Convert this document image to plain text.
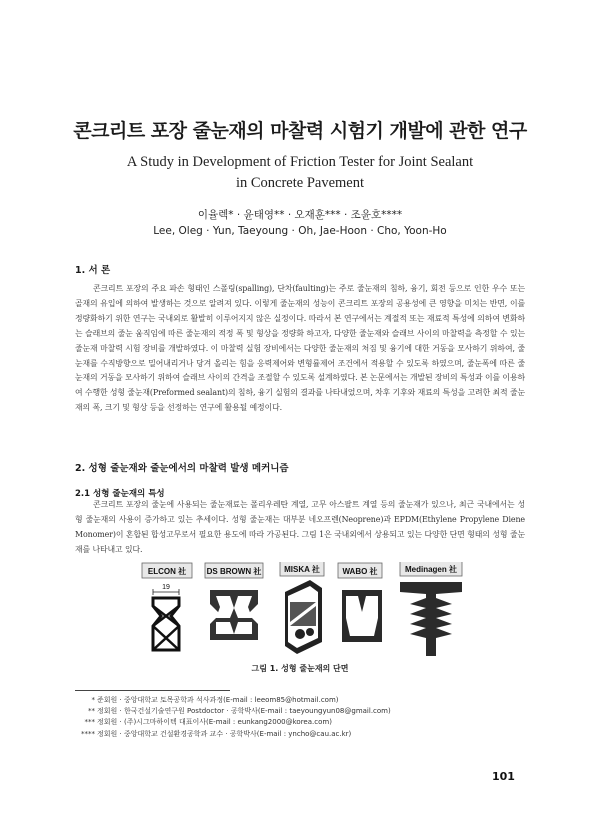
콘크리트 포장 줄눈재의 마찰력 시험기 개발에 관한 연구
A Study in Development of Friction Tester for Joint Sealant
in Concrete Pavement
이율렉* · 윤태영** · 오재훈*** · 조윤호****
Lee, Oleg · Yun, Taeyoung · Oh, Jae-Hoon · Cho, Yoon-Ho
1. 서 론

콘크리트 포장의 주요 파손 형태인 스폴링(spalling), 단차(faulting)는 주로 줄눈재의 침하, 융기, 회전 등으로 인한 우수 또는 골재의 유입에 의하여 발생하는 것으로 알려져 있다. 이렇게 줄눈재의 성능이 콘크리트 포장의 공용성에 큰 영향을 미치는 반면, 이를 정량화하기 위한 연구는 국내외로 활발히 이루어지지 않은 실정이다. 따라서 본 연구에서는 계절적 또는 재료적 특성에 의하여 변화하는 슬래브의 줄눈 움직임에 따른 줄눈재의 적정 폭 및 형상을 정량화 하고자, 다양한 줄눈재와 슬래브 사이의 마찰력을 측정할 수 있는 줄눈재 마찰력 시험 장비를 개발하였다. 이 마찰력 실험 장비에서는 다양한 줄눈재의 처짐 및 융기에 대한 거동을 모사하기 위하여, 줄눈재를 수직방향으로 밀어내리거나 당겨 올리는 힘을 응력제어와 변형률제어 조건에서 적용할 수 있도록 하였으며, 줄눈폭에 따른 줄눈재의 거동을 모사하기 위하여 슬래브 사이의 간격을 조절할 수 있도록 설계하였다. 본 논문에서는 개발된 장비의 특성과 이를 이용하여 수행한 성형 줄눈재(Preformed sealant)의 침하, 융기 실험의 결과를 나타내었으며, 차후 기후와 재료의 특성을 고려한 최적 줄눈재의 폭, 크기 및 형상 등을 선정하는 연구에 활용될 예정이다.

2. 성형 줄눈재와 줄눈에서의 마찰력 발생 메커니즘
2.1 성형 줄눈재의 특성

콘크리트 포장의 줄눈에 사용되는 줄눈재료는 폴리우레탄 계열, 고무 아스팔트 계열 등의 줄눈재가 있으나, 최근 국내에서는 성형 줄눈재의 사용이 증가하고 있는 추세이다. 성형 줄눈재는 대부분 네오프렌(Neoprene)과 EPDM(Ethylene Propylene Diene Monomer)이 혼합된 합성고무로서 필요한 용도에 따라 가공된다. 그림 1은 국내외에서 상용되고 있는 다양한 단면 형태의 성형 줄눈재를 나타내고 있다.

ELCON 社	DS BROWN 社	MISKA 社	WABO 社	Medinagen 社
19
그림 1. 성형 줄눈재의 단면
* 준회원 · 중앙대학교 토목공학과 석사과정(E-mail : leeom85@hotmail.com)
** 정회원 · 한국건설기술연구원 Postdoctor · 공학박사(E-mail : taeyoungyun08@gmail.com)
*** 정회원 · (주)시그마하이텍 대표이사(E-mail : eunkang2000@korea.com)
**** 정회원 · 중앙대학교 건설환경공학과 교수 · 공학박사(E-mail : yncho@cau.ac.kr)
101
